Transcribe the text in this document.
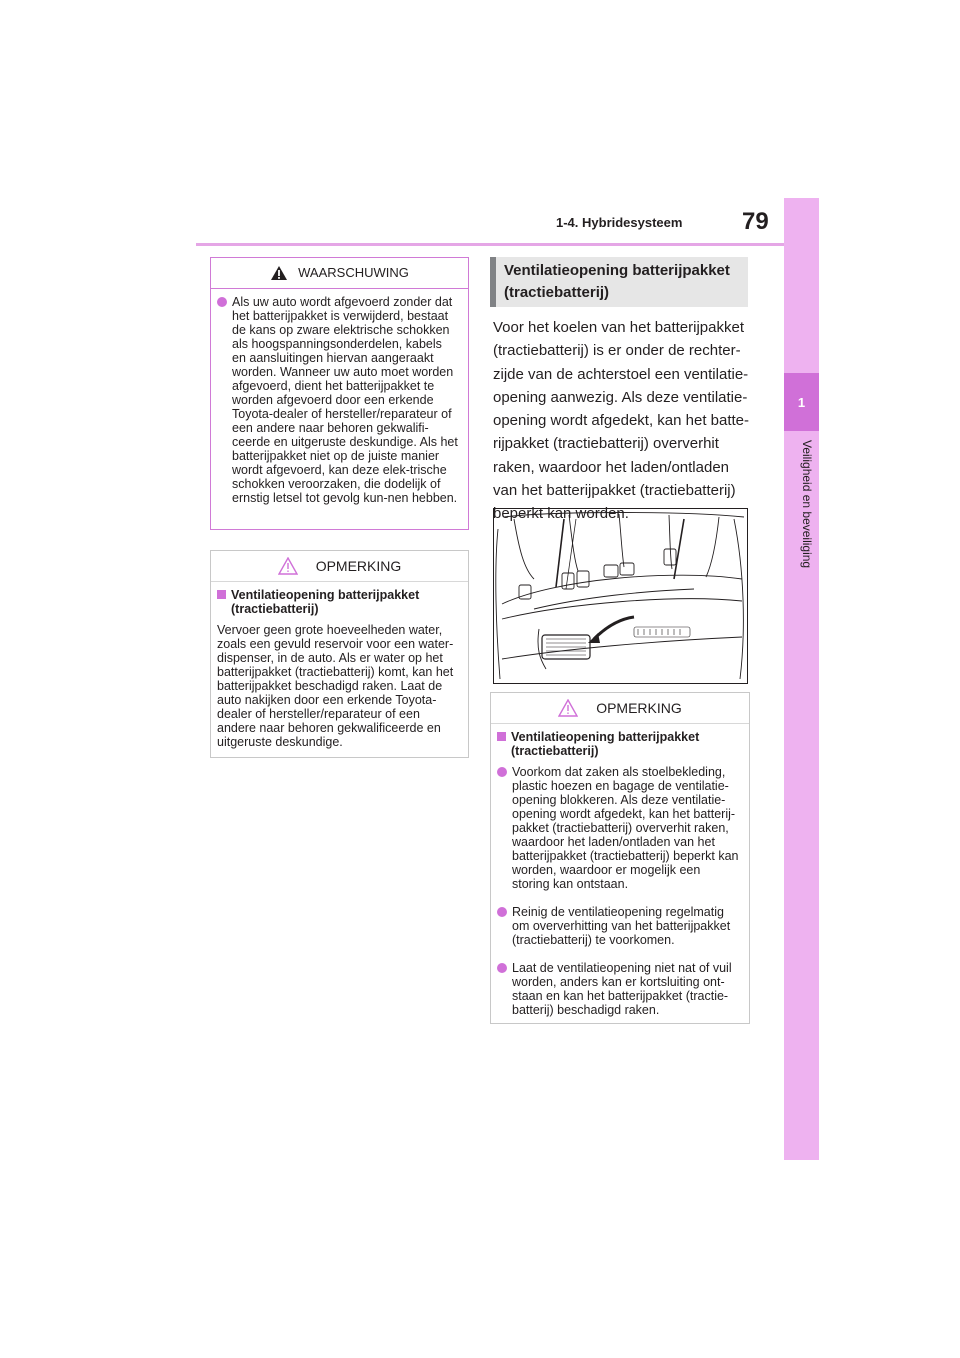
1-4. Hybridesysteem 79
1
Veiligheid en beveiliging
WAARSCHUWING

Als uw auto wordt afgevoerd zonder dat het batterijpakket is verwijderd, bestaat de kans op zware elektrische schokken als hoogspanningsonderdelen, kabels en aansluitingen hiervan aangeraakt worden. Wanneer uw auto moet worden afgevoerd, dient het batterijpakket te worden afgevoerd door een erkende Toyota-dealer of hersteller/reparateur of een andere naar behoren gekwalifi-ceerde en uitgeruste deskundige. Als het batterijpakket niet op de juiste manier wordt afgevoerd, kan deze elek-trische schokken veroorzaken, die dodelijk of ernstig letsel tot gevolg kun-nen hebben.

OPMERKING
Ventilatieopening batterijpakket (tractiebatterij)

Vervoer geen grote hoeveelheden water, zoals een gevuld reservoir voor een water-dispenser, in de auto. Als er water op het batterijpakket (tractiebatterij) komt, kan het batterijpakket beschadigd raken. Laat de auto nakijken door een erkende Toyota-dealer of hersteller/reparateur of een andere naar behoren gekwalificeerde en uitgeruste deskundige.

Ventilatieopening batterijpakket (tractiebatterij)

Voor het koelen van het batterijpakket (tractiebatterij) is er onder de rechter-zijde van de achterstoel een ventilatie-opening aanwezig. Als deze ventilatie-opening wordt afgedekt, kan het batte-rijpakket (tractiebatterij) oververhit raken, waardoor het laden/ontladen van het batterijpakket (tractiebatterij) beperkt kan worden.

OPMERKING
Ventilatieopening batterijpakket (tractiebatterij)

Voorkom dat zaken als stoelbekleding, plastic hoezen en bagage de ventilatie-opening blokkeren. Als deze ventilatie-opening wordt afgedekt, kan het batterij-pakket (tractiebatterij) oververhit raken, waardoor het laden/ontladen van het batterijpakket (tractiebatterij) beperkt kan worden, waardoor er mogelijk een storing kan ontstaan.

Reinig de ventilatieopening regelmatig om oververhitting van het batterijpakket (tractiebatterij) te voorkomen.

Laat de ventilatieopening niet nat of vuil worden, anders kan er kortsluiting ont-staan en kan het batterijpakket (tractie-batterij) beschadigd raken.
